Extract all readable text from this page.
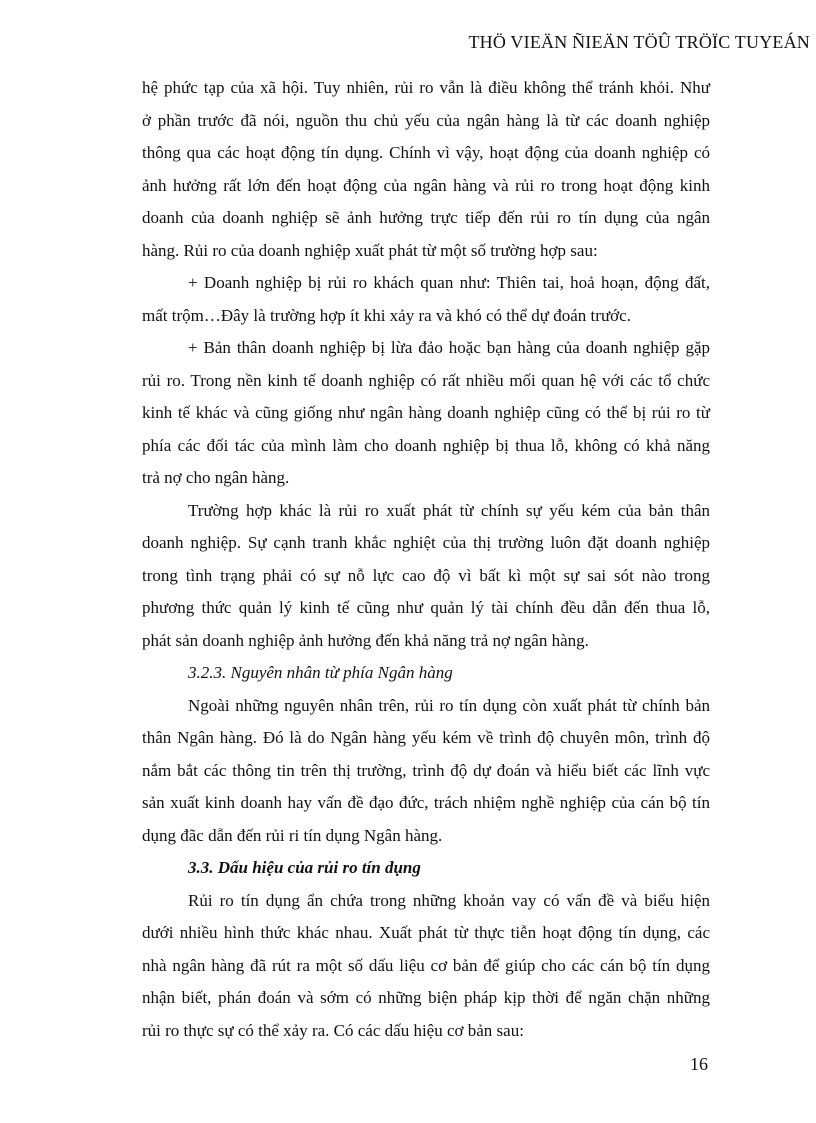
THÖ VIEÄN ÑIEÄN TÖÛ TRÖÏC TUYEÁN

hệ phức tạp của xã hội. Tuy nhiên, rủi ro vẫn là điều không thể tránh khỏi. Như
ở phần trước đã nói, nguồn thu chủ yếu của ngân hàng là từ các doanh nghiệp
thông qua các hoạt động tín dụng. Chính vì vậy, hoạt động của doanh nghiệp có
ảnh hưởng rất lớn đến hoạt động của ngân hàng và rủi ro trong hoạt động kinh
doanh của doanh nghiệp sẽ ảnh hưởng trực tiếp đến rủi ro tín dụng của ngân
hàng. Rủi ro của doanh nghiệp xuất phát từ một số trường hợp sau:

+ Doanh nghiệp bị rủi ro khách quan như: Thiên tai, hoả hoạn, động đất,
mất trộm…Đây là trường hợp ít khi xảy ra và khó có thể dự đoán trước.

+ Bản thân doanh nghiệp bị lừa đảo hoặc bạn hàng của doanh nghiệp gặp
rủi ro. Trong nền kinh tế doanh nghiệp có rất nhiều mối quan hệ với các tổ chức
kinh tế khác và cũng giống như ngân hàng doanh nghiệp cũng có thể bị rủi ro từ
phía các đối tác của mình làm cho doanh nghiệp bị thua lỗ, không có khả năng
trả nợ cho ngân hàng.

Trường hợp khác là rủi ro xuất phát từ chính sự yếu kém của bản thân
doanh nghiệp. Sự cạnh tranh khắc nghiệt của thị trường luôn đặt doanh nghiệp
trong tình trạng phải có sự nỗ lực cao độ vì bất kì một sự sai sót nào trong
phương thức quản lý kinh tế cũng như quản lý tài chính đều dẫn đến thua lỗ,
phát sản doanh nghiệp ảnh hưởng đến khả năng trả nợ ngân hàng.

3.2.3. Nguyên nhân từ phía Ngân hàng

Ngoài những nguyên nhân trên, rủi ro tín dụng còn xuất phát từ chính bản
thân Ngân hàng. Đó là do Ngân hàng yếu kém về trình độ chuyên môn, trình độ
nắm bắt các thông tin trên thị trường, trình độ dự đoán và hiểu biết các lĩnh vực
sản xuất kinh doanh hay vấn đề đạo đức, trách nhiệm nghề nghiệp của cán bộ tín
dụng đãc dẫn đến rủi ri tín dụng Ngân hàng.

3.3. Dấu hiệu của rủi ro tín dụng

Rủi ro tín dụng ẩn chứa trong những khoản vay có vấn đề và biểu hiện
dưới nhiều hình thức khác nhau. Xuất phát từ thực tiễn hoạt động tín dụng, các
nhà ngân hàng đã rút ra một số dấu liệu cơ bản để giúp cho các cán bộ tín dụng
nhận biết, phán đoán và sớm có những biện pháp kịp thời để ngăn chặn những
rủi ro thực sự có thể xảy ra. Có các dấu hiệu cơ bản sau:

16
